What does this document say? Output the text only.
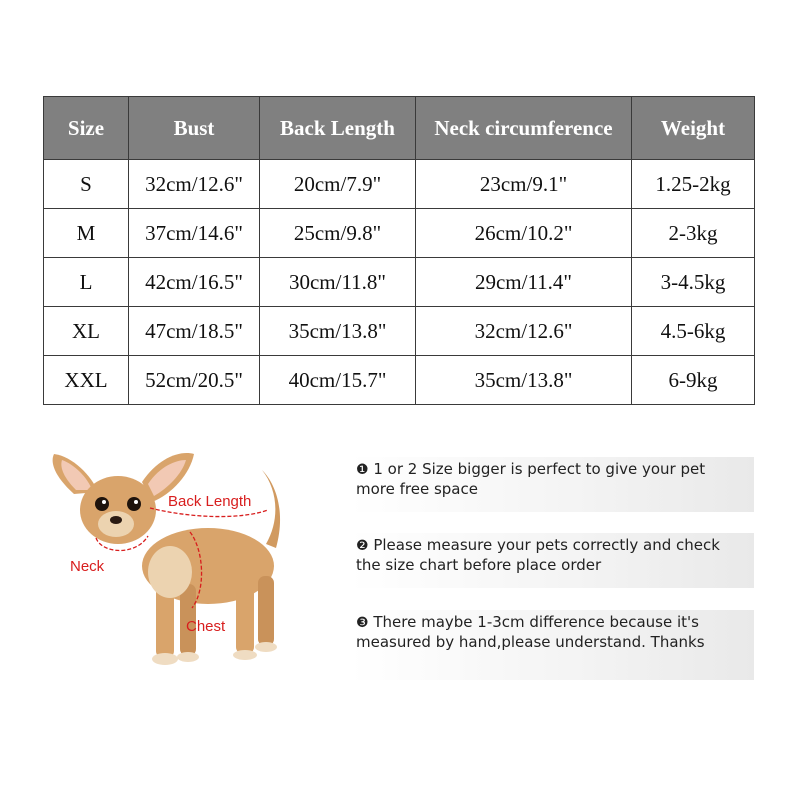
Size	Bust	Back Length	Neck circumference	Weight
S	32cm/12.6"	20cm/7.9"	23cm/9.1"	1.25-2kg
M	37cm/14.6"	25cm/9.8"	26cm/10.2"	2-3kg
L	42cm/16.5"	30cm/11.8"	29cm/11.4"	3-4.5kg
XL	47cm/18.5"	35cm/13.8"	32cm/12.6"	4.5-6kg
XXL	52cm/20.5"	40cm/15.7"	35cm/13.8"	6-9kg
Back Length
Neck
Chest
❶ 1 or 2 Size bigger is perfect to give your pet more free space
❷ Please measure your pets correctly and check the size chart before place order
❸ There maybe 1-3cm difference because it's measured by hand,please understand. Thanks
